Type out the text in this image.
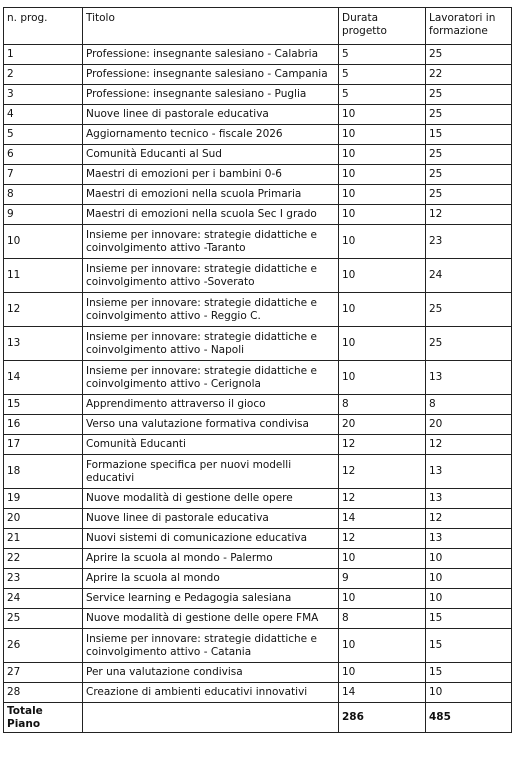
n. prog.	Titolo	Durata progetto	Lavoratori in formazione
1	Professione: insegnante salesiano - Calabria	5	25
2	Professione: insegnante salesiano - Campania	5	22
3	Professione: insegnante salesiano - Puglia	5	25
4	Nuove linee di pastorale educativa	10	25
5	Aggiornamento tecnico - fiscale 2026	10	15
6	Comunità Educanti al Sud	10	25
7	Maestri di emozioni per i bambini 0-6	10	25
8	Maestri di emozioni nella scuola Primaria	10	25
9	Maestri di emozioni nella scuola Sec I grado	10	12
10	Insieme per innovare: strategie didattiche e coinvolgimento attivo -Taranto	10	23
11	Insieme per innovare: strategie didattiche e coinvolgimento attivo -Soverato	10	24
12	Insieme per innovare: strategie didattiche e coinvolgimento attivo - Reggio C.	10	25
13	Insieme per innovare: strategie didattiche e coinvolgimento attivo - Napoli	10	25
14	Insieme per innovare: strategie didattiche e coinvolgimento attivo - Cerignola	10	13
15	Apprendimento attraverso il gioco	8	8
16	Verso una valutazione formativa condivisa	20	20
17	Comunità Educanti	12	12
18	Formazione specifica per nuovi modelli educativi	12	13
19	Nuove modalità di gestione delle opere	12	13
20	Nuove linee di pastorale educativa	14	12
21	Nuovi sistemi di comunicazione educativa	12	13
22	Aprire la scuola al mondo - Palermo	10	10
23	Aprire la scuola al mondo	9	10
24	Service learning e Pedagogia salesiana	10	10
25	Nuove modalità di gestione delle opere FMA	8	15
26	Insieme per innovare: strategie didattiche e coinvolgimento attivo - Catania	10	15
27	Per una valutazione condivisa	10	15
28	Creazione di ambienti educativi innovativi	14	10
Totale Piano		286	485
